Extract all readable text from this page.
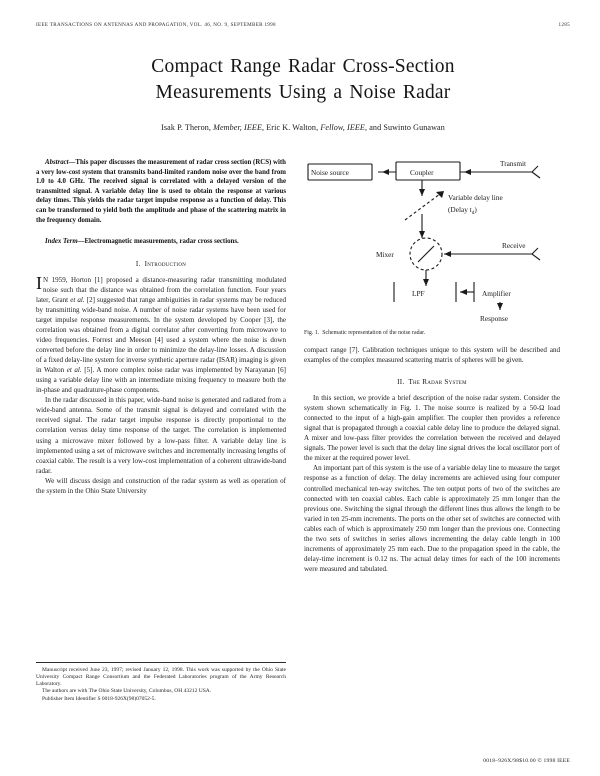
IEEE TRANSACTIONS ON ANTENNAS AND PROPAGATION, VOL. 46, NO. 9, SEPTEMBER 1998	1285
Compact Range Radar Cross-Section
Measurements Using a Noise Radar
Isak P. Theron, Member, IEEE, Eric K. Walton, Fellow, IEEE, and Suwinto Gunawan

Abstract—This paper discusses the measurement of radar cross section (RCS) with a very low-cost system that transmits band-limited random noise over the band from 1.0 to 4.0 GHz. The received signal is correlated with a delayed version of the transmitted signal. A variable delay line is used to obtain the response at various delay times. This yields the radar target impulse response as a function of delay. This can be transformed to yield both the amplitude and phase of the scattering matrix in the frequency domain.

Index Term—Electromagnetic measurements, radar cross sections.

I. Introduction

I N 1959, Horton [1] proposed a distance-measuring radar transmitting modulated noise such that the distance was obtained from the correlation function. Four years later, Grant et al. [2] suggested that range ambiguities in radar systems may be reduced by transmitting wide-band noise. A number of noise radar systems have been used for target impulse response measurements. In the system developed by Cooper [3], the correlation was obtained from a digital correlator after converting from microwave to video frequencies. Forrest and Meeson [4] used a system where the noise is down converted before the delay line in order to minimize the delay-line losses. A discussion of a fixed delay-line system for inverse synthetic aperture radar (ISAR) imaging is given in Walton et al. [5]. A more complex noise radar was implemented by Narayanan [6] using a variable delay line with an intermediate mixing frequency to measure both the in-phase and quadrature-phase components.

In the radar discussed in this paper, wide-band noise is generated and radiated from a wide-band antenna. Some of the transmit signal is delayed and correlated with the received signal. The radar target impulse response is directly proportional to the correlation versus delay time response of the target. The correlation is implemented using a microwave mixer followed by a low-pass filter. A variable delay line is implemented using a set of microwave switches and incrementally increasing lengths of coaxial cable. The result is a very low-cost implementation of a coherent ultrawide-band radar.

We will discuss design and construction of the radar system as well as operation of the system in the Ohio State University

Manuscript received June 23, 1997; revised January 12, 1998. This work was supported by the Ohio State University Compact Range Consortium and the Federated Laboratories program of the Army Research Laboratory.

The authors are with The Ohio State University, Columbus, OH 43212 USA.

Publisher Item Identifier S 0018-926X(98)07052-5.

Noise source	Coupler
Transmit
Variable delay line
(Delay $t_d$)
Mixer
Receive
LPF	Amplifier
Response
Fig. 1. Schematic representation of the noise radar.

compact range [7]. Calibration techniques unique to this system will be described and examples of the complex measured scattering matrix of spheres will be given.

II. The Radar System

In this section, we provide a brief description of the noise radar system. Consider the system shown schematically in Fig. 1. The noise source is realized by a 50-Ω load connected to the input of a high-gain amplifier. The coupler then provides a reference signal that is propagated through a coaxial cable delay line to produce the delayed signal. A mixer and low-pass filter provides the correlation between the received and delayed signals. The power level is such that the delay line signal drives the local oscillator port of the mixer at the required power level.

An important part of this system is the use of a variable delay line to measure the target response as a function of delay. The delay increments are achieved using four computer controlled mechanical ten-way switches. The ten output ports of two of the switches are connected with ten coaxial cables. Each cable is approximately 25 mm longer than the previous one. Switching the signal through the different lines thus allows the length to be varied in ten 25-mm increments. The ports on the other set of switches are connected with cables each of which is approximately 250 mm longer than the previous one. Connecting the two sets of switches in series allows incrementing the delay cable length in 100 increments of approximately 25 mm each. Due to the propagation speed in the cable, the delay-time increment is 0.12 ns. The actual delay times for each of the 100 increments were measured and tabulated.

0018–926X/98$10.00 © 1998 IEEE
